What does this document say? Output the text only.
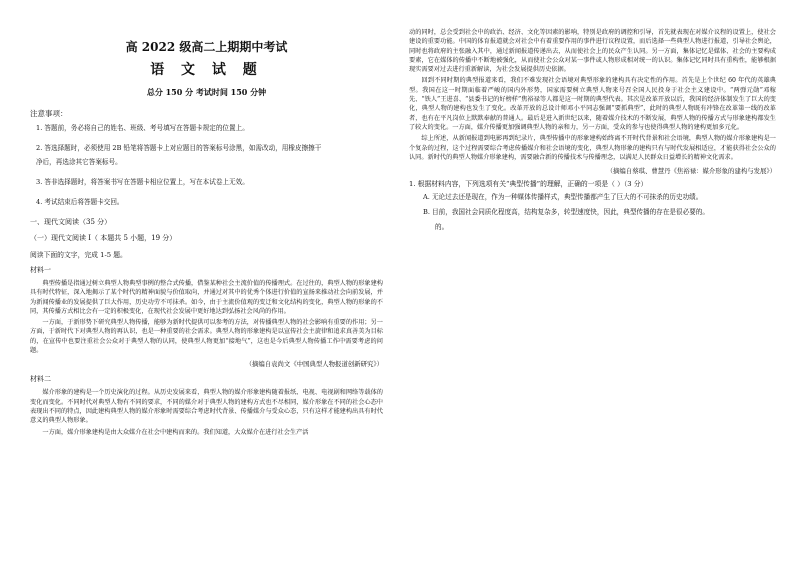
高 2022 级高二上期期中考试
语 文 试 题
总分 150 分 考试时间 150 分钟
注意事项：
1. 答题前，务必将自己的姓名、班级、考号填写在答题卡规定的位置上。
2. 答选择题时，必须使用 2B 铅笔将答题卡上对应题目的答案标号涂黑，如需改动，用橡皮擦擦干
净后，再选涂其它答案标号。
3. 答非选择题时，将答案书写在答题卡相应位置上，写在本试卷上无效。
4. 考试结束后将答题卡交回。
一、现代文阅读（35 分）
（一）现代文阅读 I（ 本题共 5 小题，19 分）
阅读下面的文字，完成 1-5 题。
材料一

典型传播是指通过树立典型人物典型事例的整合式传播，借鉴某种社会主流价值的传播理式。在过往的，典型人物的形象建构具有时代特征，深入地揭示了某个时代的精神面貌与价值取向，并通过对其中的优秀个体进行价值的宣扬来推动社会向前发展，并为新闻传播业的发展提供了巨大作用，历史功劳不可抹杀。如今，由于主流价值观的变迁和文化结构的变化，典型人物的形象的不同，其传播方式相比会有一定的积极变化，在现代社会发展中更好地达到弘扬社会风尚的作用。

一方面，于新形势下研究典型人物传播，能够为新时代提供可以参考的方法，对传播典型人物的社会影响有重要的作用；另一方面，于新时代下对典型人物的再认识，也是一种重要的社会需求。典型人物的形象建构是以宣传社会主旋律和追求真善美为目标的，在宣传中也要注重社会公众对于典型人物的认同，使典型人物更加“接地气”，这也是今后典型人物传播工作中需要考虑的问题。

（摘编自袁尚文《中国典型人物报道创新研究》）
材料二

媒介形象的建构是一个历史演化的过程。从历史发展来看，典型人物的媒介形象建构随着报纸、电视、电视剧和网络等载体的变化而变化。不同时代对典型人物有不同的要求，不同的媒介对于典型人物的建构方式也不尽相同，媒介形象在不同的社会心态中表现出不同的特点，因此建构典型人物的媒介形象时需要综合考虑时代背景、传播媒介与受众心态，只有这样才能建构出具有时代意义的典型人物形象。

一方面，媒介形象建构是由大众媒介在社会中建构而来的。我们知道，大众媒介在进行社会生产活

动的同时，总会受到社会中的政治、经济、文化等因素的影响，特别是政府的调控和引导，首先就表现在对媒介议程的设置上，使社会建设的重要功能。中国的体育报道就会对社会中有着重要作用的事件进行议程设置，而后选择一些典型人物进行报道，引导社会舆论，同时也将政府的主张融入其中，通过新闻报道传递出去，从而使社会上的民众产生认同。另一方面，集体记忆是媒体、社会的主要构成要素，它在媒体的传播中不断地被强化，从而使社会公众对某一事件或人物形成相对统一的认识。集体记忆同时具有重构性，能够根据现实需要对过去进行重新解读，为社会发展提供历史依据。

回到不同时期的典型报道来看，我们不难发现社会语境对典型形象的建构具有决定性的作用。首先是上个世纪 60 年代的英雄典型。我国在这一时期面临着严峻的国内外形势，国家需要树立典型人物来号召全国人民投身于社会主义建设中。“两弹元勋”邓稼先、“铁人”王进喜、“县委书记的好榜样”焦裕禄等人都是这一时期的典型代表。其次是改革开放以后，我国的经济体制发生了巨大的变化，典型人物的建构也发生了变化。改革开放的总设计师邓小平同志强调“要抓典型”，此时的典型人物既有冲锋在改革第一线的改革者，也有在平凡岗位上默默奉献的普通人。最后是进入新世纪以来，随着媒介技术的不断发展，典型人物的传播方式与形象建构都发生了较大的变化。一方面，媒介传播更加强调典型人物的亲和力，另一方面，受众的参与也使得典型人物的建构更加多元化。

综上所述，从新闻报道到电影再到纪录片，典型传播中的形象建构始终离不开时代背景和社会语境，典型人物的媒介形象建构是一个复杂的过程，这个过程需要综合考虑传播媒介和社会语境的变化，典型人物形象的建构只有与时代发展相适应，才能获得社会公众的认同。新时代的典型人物媒介形象建构，需要融合新的传播技术与传播理念，以满足人民群众日益增长的精神文化需求。

（摘编自蔡琪、曹慧丹《焦裕禄：媒介形象的建构与发展》）
1. 根据材料内容，下列选项有关“典型传播”的理解，正确的一项是（ ）（3 分）
A. 无论过去还是现在，作为一种媒体传播样式，典型传播都产生了巨大的不可抹杀的历史功绩。
B. 目前，我国社会同质化程度高，结构复杂多，转型速度快，因此，典型传播的存在是很必要的。
的。
